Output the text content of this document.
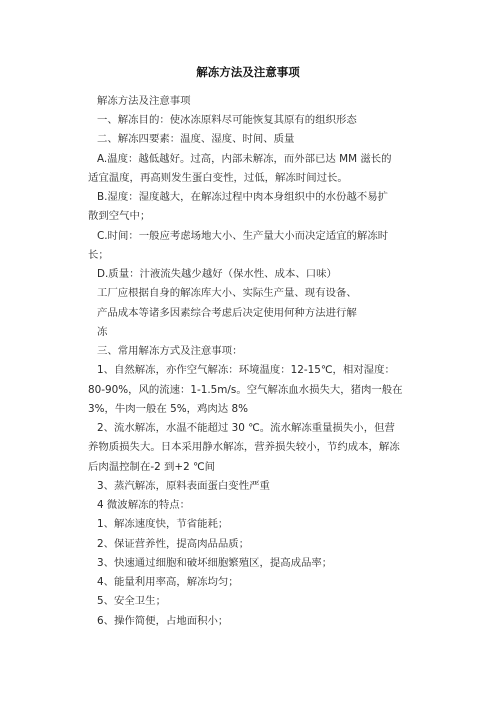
解冻方法及注意事项
解冻方法及注意事项
一、解冻目的：使冰冻原料尽可能恢复其原有的组织形态
二、解冻四要素：温度、湿度、时间、质量
A.温度：越低越好。过高，内部未解冻，而外部已达 MM 滋长的
适宜温度，再高则发生蛋白变性，过低，解冻时间过长。
B.湿度：湿度越大，在解冻过程中肉本身组织中的水份越不易扩
散到空气中；
C.时间：一般应考虑场地大小、生产量大小而决定适宜的解冻时
长；
D.质量：汁液流失越少越好（保水性、成本、口味）
工厂应根据自身的解冻库大小、实际生产量、现有设备、
产品成本等诸多因素综合考虑后决定使用何种方法进行解
冻
三、常用解冻方式及注意事项：
1、自然解冻，亦作空气解冻：环境温度：12-15℃，相对湿度：
80-90%，风的流速：1-1.5m/s。空气解冻血水损失大，猪肉一般在
3%，牛肉一般在 5%，鸡肉达 8%
2、流水解冻，水温不能超过 30 ℃。流水解冻重量损失小，但营
养物质损失大。日本采用静水解冻，营养损失较小，节约成本，解冻
后肉温控制在-2 到+2 ℃间
3、蒸汽解冻，原料表面蛋白变性严重
4 微波解冻的特点：
1、解冻速度快，节省能耗；
2、保证营养性，提高肉品品质；
3、快速通过细胞和破坏细胞繁殖区，提高成品率；
4、能量利用率高，解冻均匀；
5、安全卫生；
6、操作简便，占地面积小；
